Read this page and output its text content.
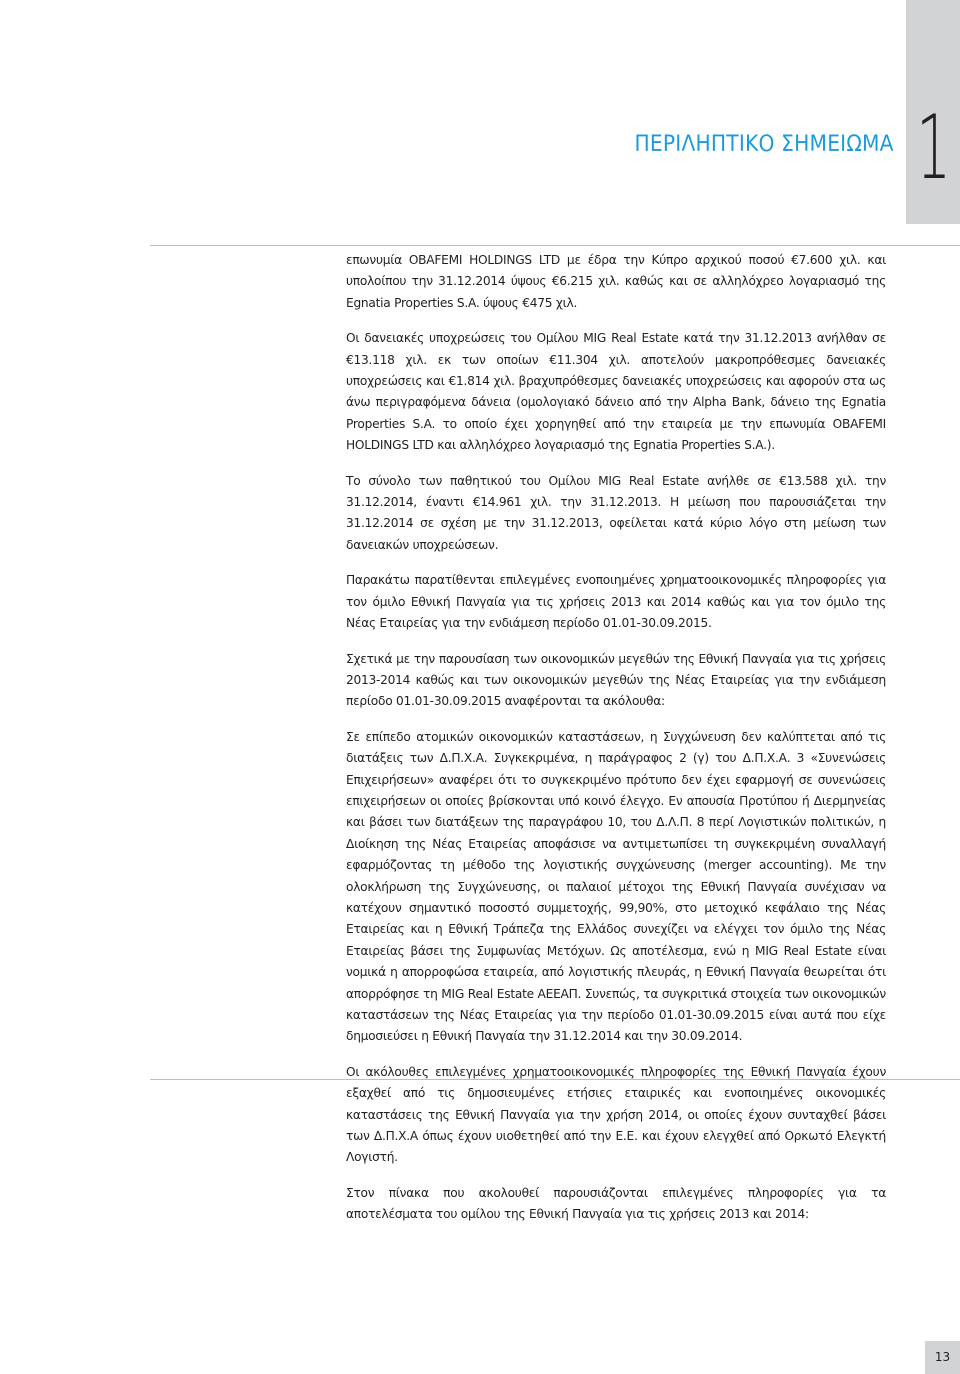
1
ΠΕΡΙΛΗΠΤΙΚΟ ΣΗΜΕΙΩΜΑ

επωνυμία OBAFEMI HOLDINGS LTD με έδρα την Κύπρο αρχικού ποσού €7.600 χιλ. και υπολοίπου την 31.12.2014 ύψους €6.215 χιλ. καθώς και σε αλληλόχρεο λογαριασμό της Egnatia Properties S.A. ύψους €475 χιλ.

Οι δανειακές υποχρεώσεις του Ομίλου MIG Real Estate κατά την 31.12.2013 ανήλθαν σε €13.118 χιλ. εκ των οποίων €11.304 χιλ. αποτελούν μακροπρόθεσμες δανειακές υποχρεώσεις και €1.814 χιλ. βραχυπρόθεσμες δανειακές υποχρεώσεις και αφορούν στα ως άνω περιγραφόμενα δάνεια (ομολογιακό δάνειο από την Alpha Bank, δάνειο της Egnatia Properties S.A. το οποίο έχει χορηγηθεί από την εταιρεία με την επωνυμία OBAFEMI HOLDINGS LTD και αλληλόχρεο λογαριασμό της Egnatia Properties S.A.).

Το σύνολο των παθητικού του Ομίλου MIG Real Estate ανήλθε σε €13.588 χιλ. την 31.12.2014, έναντι €14.961 χιλ. την 31.12.2013. Η μείωση που παρουσιάζεται την 31.12.2014 σε σχέση με την 31.12.2013, οφείλεται κατά κύριο λόγο στη μείωση των δανειακών υποχρεώσεων.

Παρακάτω παρατίθενται επιλεγμένες ενοποιημένες χρηματοοικονομικές πληροφορίες για τον όμιλο Εθνική Πανγαία για τις χρήσεις 2013 και 2014 καθώς και για τον όμιλο της Νέας Εταιρείας για την ενδιάμεση περίοδο 01.01-30.09.2015.

Σχετικά με την παρουσίαση των οικονομικών μεγεθών της Εθνική Πανγαία για τις χρήσεις 2013-2014 καθώς και των οικονομικών μεγεθών της Νέας Εταιρείας για την ενδιάμεση περίοδο 01.01-30.09.2015 αναφέρονται τα ακόλουθα:

Σε επίπεδο ατομικών οικονομικών καταστάσεων, η Συγχώνευση δεν καλύπτεται από τις διατάξεις των Δ.Π.Χ.Α. Συγκεκριμένα, η παράγραφος 2 (γ) του Δ.Π.Χ.Α. 3 «Συνενώσεις Επιχειρήσεων» αναφέρει ότι το συγκεκριμένο πρότυπο δεν έχει εφαρμογή σε συνενώσεις επιχειρήσεων οι οποίες βρίσκονται υπό κοινό έλεγχο. Εν απουσία Προτύπου ή Διερμηνείας και βάσει των διατάξεων της παραγράφου 10, του Δ.Λ.Π. 8 περί Λογιστικών πολιτικών, η Διοίκηση της Νέας Εταιρείας αποφάσισε να αντιμετωπίσει τη συγκεκριμένη συναλλαγή εφαρμόζοντας τη μέθοδο της λογιστικής συγχώνευσης (merger accounting). Με την ολοκλήρωση της Συγχώνευσης, οι παλαιοί μέτοχοι της Εθνική Πανγαία συνέχισαν να κατέχουν σημαντικό ποσοστό συμμετοχής, 99,90%, στο μετοχικό κεφάλαιο της Νέας Εταιρείας και η Εθνική Τράπεζα της Ελλάδος συνεχίζει να ελέγχει τον όμιλο της Νέας Εταιρείας βάσει της Συμφωνίας Μετόχων. Ως αποτέλεσμα, ενώ η MIG Real Estate είναι νομικά η απορροφώσα εταιρεία, από λογιστικής πλευράς, η Εθνική Πανγαία θεωρείται ότι απορρόφησε τη MIG Real Estate ΑΕΕΑΠ. Συνεπώς, τα συγκριτικά στοιχεία των οικονομικών καταστάσεων της Νέας Εταιρείας για την περίοδο 01.01-30.09.2015 είναι αυτά που είχε δημοσιεύσει η Εθνική Πανγαία την 31.12.2014 και την 30.09.2014.

Οι ακόλουθες επιλεγμένες χρηματοοικονομικές πληροφορίες της Εθνική Πανγαία έχουν εξαχθεί από τις δημοσιευμένες ετήσιες εταιρικές και ενοποιημένες οικονομικές καταστάσεις της Εθνική Πανγαία για την χρήση 2014, οι οποίες έχουν συνταχθεί βάσει των Δ.Π.Χ.Α όπως έχουν υιοθετηθεί από την Ε.Ε. και έχουν ελεγχθεί από Ορκωτό Ελεγκτή Λογιστή.

Στον πίνακα που ακολουθεί παρουσιάζονται επιλεγμένες πληροφορίες για τα αποτελέσματα του ομίλου της Εθνική Πανγαία για τις χρήσεις 2013 και 2014:

13
